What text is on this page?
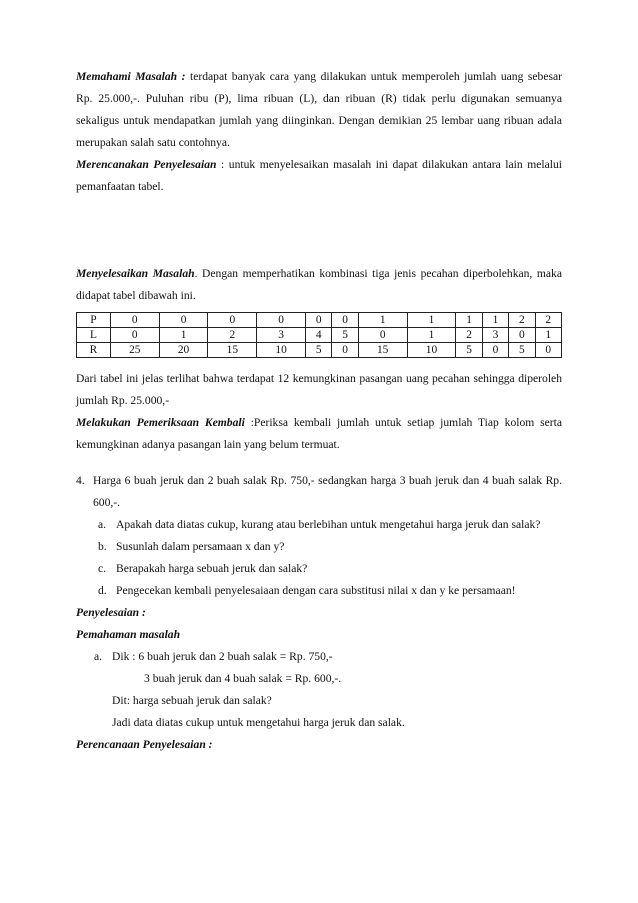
Memahami Masalah : terdapat banyak cara yang dilakukan untuk memperoleh jumlah uang sebesar Rp. 25.000,-. Puluhan ribu (P), lima ribuan (L), dan ribuan (R) tidak perlu digunakan semuanya sekaligus untuk mendapatkan jumlah yang diinginkan. Dengan demikian 25 lembar uang ribuan adala merupakan salah satu contohnya.

Merencanakan Penyelesaian : untuk menyelesaikan masalah ini dapat dilakukan antara lain melalui pemanfaatan tabel.

Menyelesaikan Masalah. Dengan memperhatikan kombinasi tiga jenis pecahan diperbolehkan, maka didapat tabel dibawah ini.

P	0	0	0	0	0	0	1	1	1	1	2	2
L	0	1	2	3	4	5	0	1	2	3	0	1
R	25	20	15	10	5	0	15	10	5	0	5	0

Dari tabel ini jelas terlihat bahwa terdapat 12 kemungkinan pasangan uang pecahan sehingga diperoleh jumlah Rp. 25.000,-

Melakukan Pemeriksaan Kembali :Periksa kembali jumlah untuk setiap jumlah Tiap kolom serta kemungkinan adanya pasangan lain yang belum termuat.

4. Harga 6 buah jeruk dan 2 buah salak Rp. 750,- sedangkan harga 3 buah jeruk dan 4 buah salak Rp. 600,-.
a. Apakah data diatas cukup, kurang atau berlebihan untuk mengetahui harga jeruk dan salak?
b. Susunlah dalam persamaan x dan y?
c. Berapakah harga sebuah jeruk dan salak?
d. Pengecekan kembali penyelesaiaan dengan cara substitusi nilai x dan y ke persamaan!
Penyelesaian :
Pemahaman masalah
a. Dik : 6 buah jeruk dan 2 buah salak = Rp. 750,-
3 buah jeruk dan 4 buah salak = Rp. 600,-.
Dit: harga sebuah jeruk dan salak?
Jadi data diatas cukup untuk mengetahui harga jeruk dan salak.
Perencanaan Penyelesaian :
